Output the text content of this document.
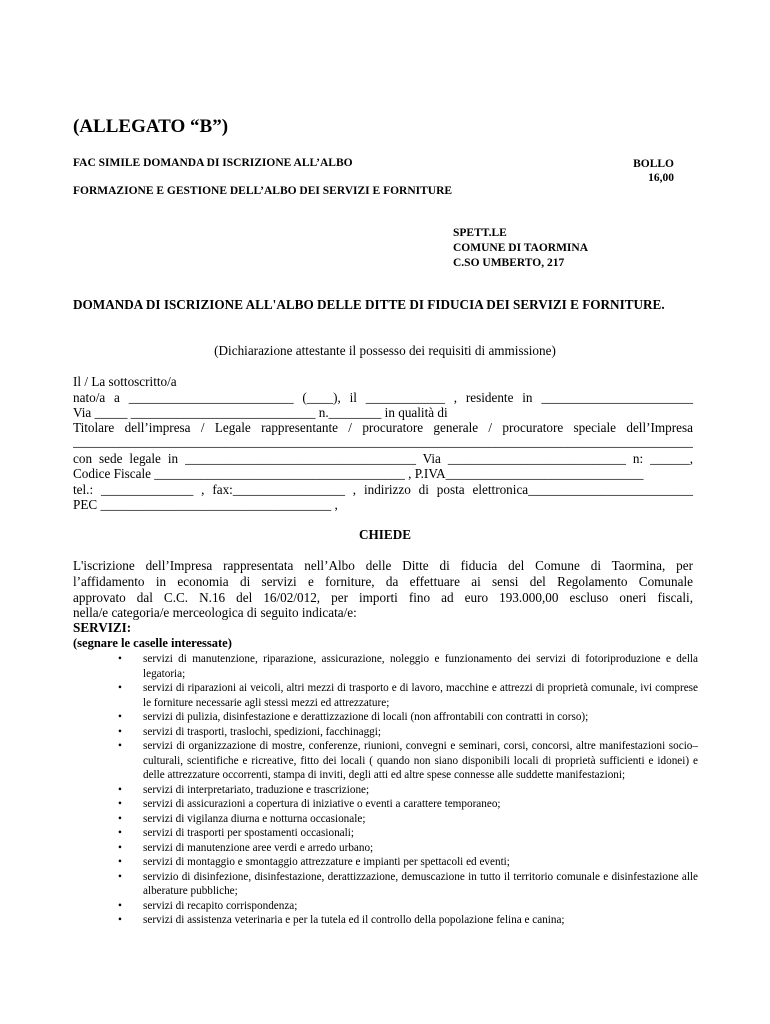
(ALLEGATO “B”)
FAC SIMILE DOMANDA DI ISCRIZIONE ALL’ALBO	BOLLO
16,00
FORMAZIONE E GESTIONE DELL’ALBO DEI SERVIZI E FORNITURE
SPETT.LE
COMUNE DI TAORMINA
C.SO UMBERTO, 217
DOMANDA DI ISCRIZIONE ALL'ALBO DELLE DITTE DI FIDUCIA DEI SERVIZI E FORNITURE.
(Dichiarazione attestante il possesso dei requisiti di ammissione)
Il / La sottoscritto/a
nato/a a _________________________ (____), il ____________ , residente in _______________________
Via _____ ____________________________ n.________ in qualità di
Titolare dell’impresa / Legale rappresentante / procuratore generale / procuratore speciale dell’Impresa
______________________________________________________________________________________________
con sede legale in ___________________________________ Via ___________________________ n: ______,
Codice Fiscale ______________________________________ , P.IVA______________________________
tel.: ______________ , fax:_________________ , indirizzo di posta elettronica_________________________
PEC ___________________________________ ,
CHIEDE
L'iscrizione dell’Impresa rappresentata nell’Albo delle Ditte di fiducia del Comune di Taormina, per
l’affidamento in economia di servizi e forniture, da effettuare ai sensi del Regolamento Comunale
approvato dal C.C. N.16 del 16/02/012, per importi fino ad euro 193.000,00 escluso oneri fiscali,
nella/e categoria/e merceologica di seguito indicata/e:
SERVIZI:
(segnare le caselle interessate)
• servizi di manutenzione, riparazione, assicurazione, noleggio e funzionamento dei servizi di fotoriproduzione e della legatoria;
• servizi di riparazioni ai veicoli, altri mezzi di trasporto e di lavoro, macchine e attrezzi di proprietà comunale, ivi comprese le forniture necessarie agli stessi mezzi ed attrezzature;
• servizi di pulizia, disinfestazione e derattizzazione di locali (non affrontabili con contratti in corso);
• servizi di trasporti, traslochi, spedizioni, facchinaggi;
• servizi di organizzazione di mostre, conferenze, riunioni, convegni e seminari, corsi, concorsi, altre manifestazioni socio–culturali, scientifiche e ricreative, fitto dei locali ( quando non siano disponibili locali di proprietà sufficienti e idonei) e delle attrezzature occorrenti, stampa di inviti, degli atti ed altre spese connesse alle suddette manifestazioni;
• servizi di interpretariato, traduzione e trascrizione;
• servizi di assicurazioni a copertura di iniziative o eventi a carattere temporaneo;
• servizi di vigilanza diurna e notturna occasionale;
• servizi di trasporti per spostamenti occasionali;
• servizi di manutenzione aree verdi e arredo urbano;
• servizi di montaggio e smontaggio attrezzature e impianti per spettacoli ed eventi;
• servizio di disinfezione, disinfestazione, derattizzazione, demuscazione in tutto il territorio comunale e disinfestazione alle alberature pubbliche;
• servizi di recapito corrispondenza;
• servizi di assistenza veterinaria e per la tutela ed il controllo della popolazione felina e canina;
